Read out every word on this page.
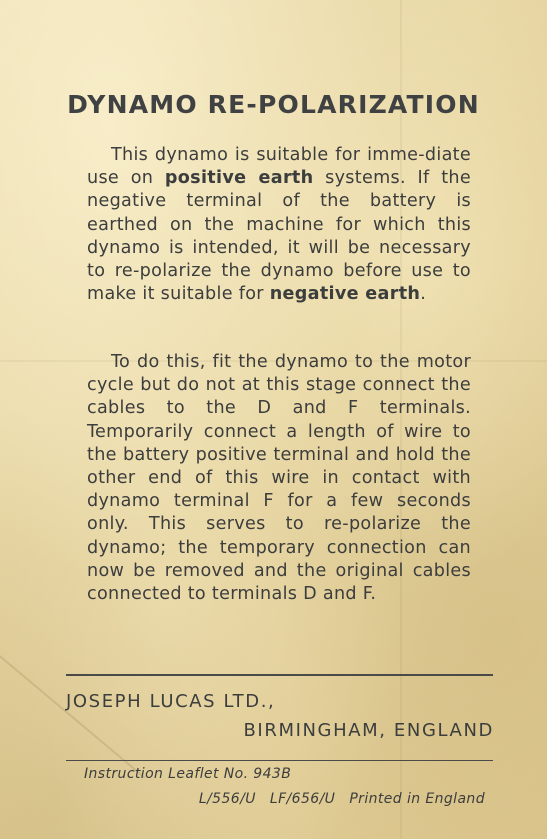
DYNAMO RE-POLARIZATION

This dynamo is suitable for imme-diate use on positive earth systems. If the negative terminal of the battery is earthed on the machine for which this dynamo is intended, it will be necessary to re-polarize the dynamo before use to make it suitable for negative earth.

To do this, fit the dynamo to the motor cycle but do not at this stage connect the cables to the D and F terminals. Temporarily connect a length of wire to the battery positive terminal and hold the other end of this wire in contact with dynamo terminal F for a few seconds only. This serves to re-polarize the dynamo; the temporary connection can now be removed and the original cables connected to terminals D and F.

JOSEPH LUCAS LTD.,

BIRMINGHAM, ENGLAND

Instruction Leaflet No. 943B

L/556/U LF/656/U Printed in England
